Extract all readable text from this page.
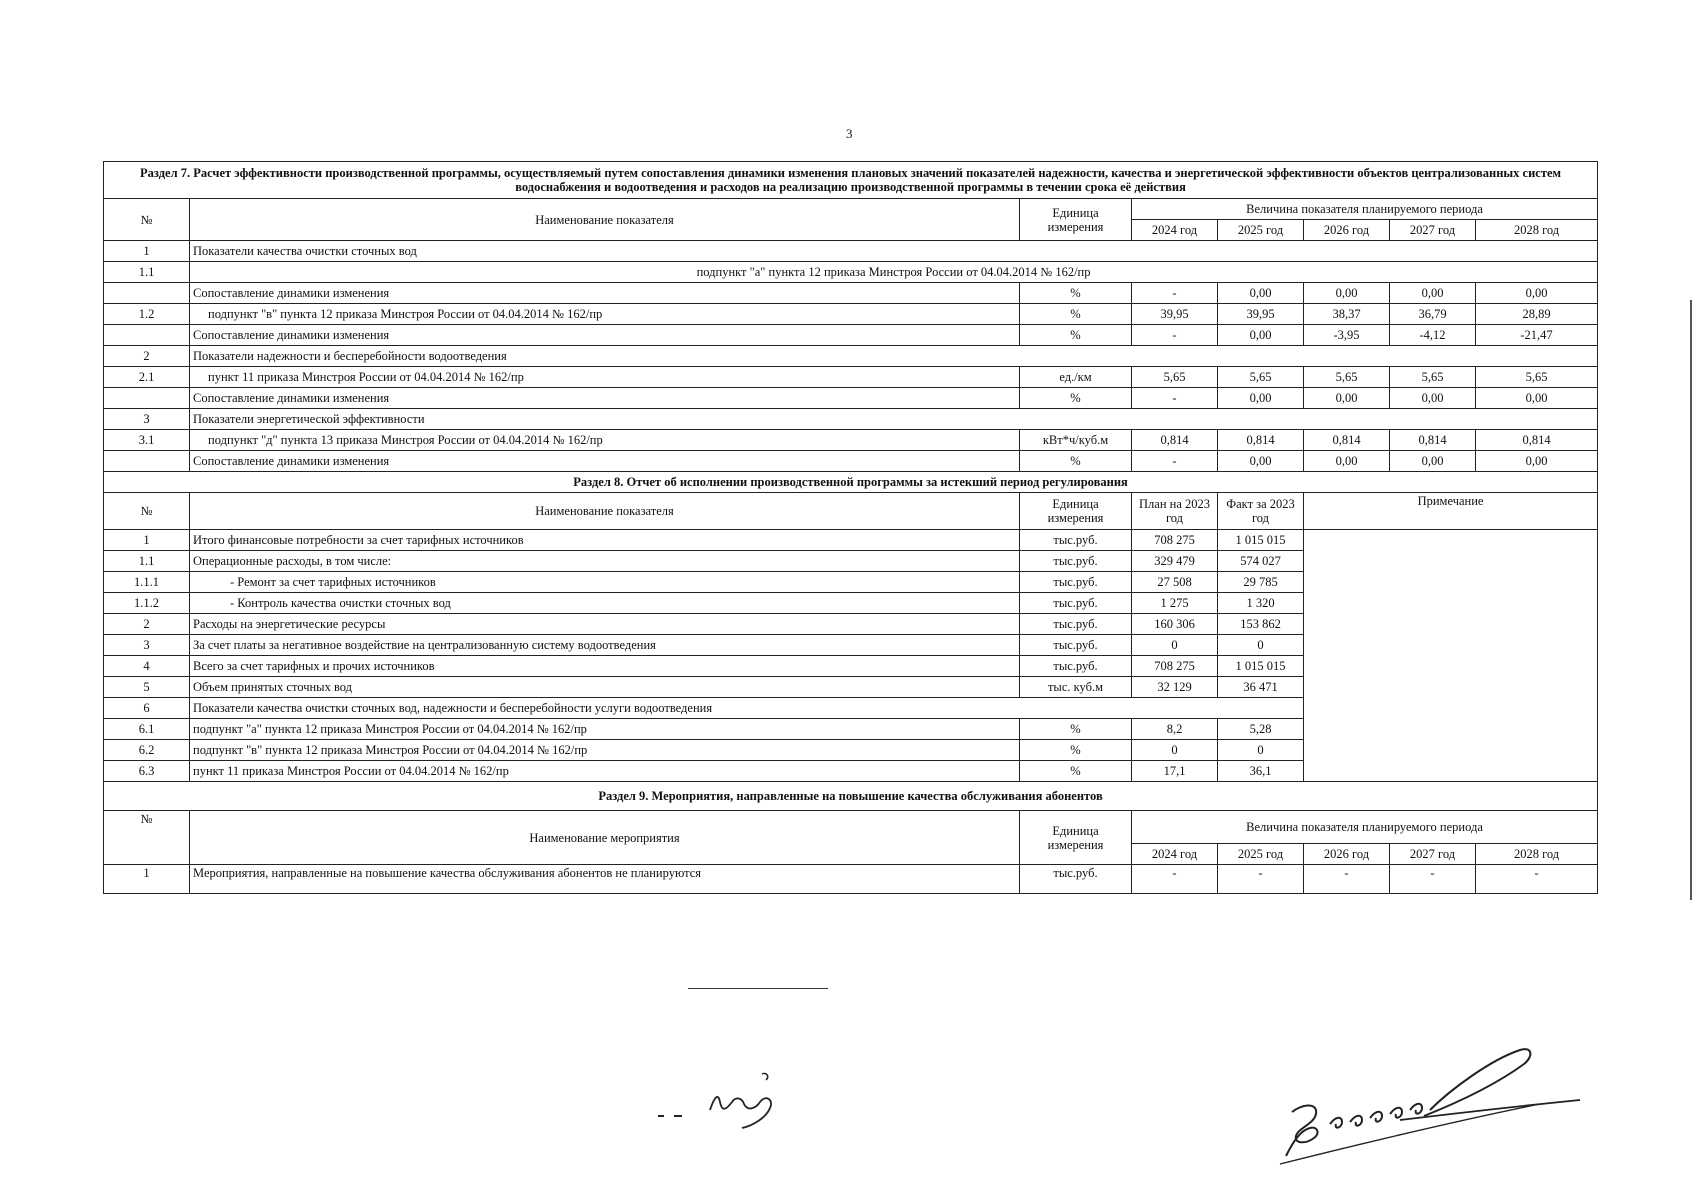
3
Раздел 7. Расчет эффективности производственной программы, осуществляемый путем сопоставления динамики изменения плановых значений показателей надежности, качества и энергетической эффективности объектов централизованных систем водоснабжения и водоотведения и расходов на реализацию производственной программы в течении срока её действия							
№	Наименование показателя	Единица измерения	Величина показателя планируемого периода				
			2024 год	2025 год	2026 год	2027 год	2028 год
1	Показатели качества очистки сточных вод						
1.1	подпункт "а" пункта 12 приказа Минстроя России от 04.04.2014 № 162/пр						
	Сопоставление динамики изменения	%	-	0,00	0,00	0,00	0,00
1.2	подпункт "в" пункта 12 приказа Минстроя России от 04.04.2014 № 162/пр	%	39,95	39,95	38,37	36,79	28,89
	Сопоставление динамики изменения	%	-	0,00	-3,95	-4,12	-21,47
2	Показатели надежности и бесперебойности водоотведения						
2.1	пункт 11 приказа Минстроя России от 04.04.2014 № 162/пр	ед./км	5,65	5,65	5,65	5,65	5,65
	Сопоставление динамики изменения	%	-	0,00	0,00	0,00	0,00
3	Показатели энергетической эффективности						
3.1	подпункт "д" пункта 13 приказа Минстроя России от 04.04.2014 № 162/пр	кВт*ч/куб.м	0,814	0,814	0,814	0,814	0,814
	Сопоставление динамики изменения	%	-	0,00	0,00	0,00	0,00
Раздел 8. Отчет об исполнении производственной программы за истекший период регулирования							
№	Наименование показателя	Единица измерения	План на 2023 год	Факт за 2023 год	Примечание		
1	Итого финансовые потребности за счет тарифных источников	тыс.руб.	708 275	1 015 015			
1.1	Операционные расходы, в том числе:	тыс.руб.	329 479	574 027			
1.1.1	- Ремонт за счет тарифных источников	тыс.руб.	27 508	29 785			
1.1.2	- Контроль качества очистки сточных вод	тыс.руб.	1 275	1 320			
2	Расходы на энергетические ресурсы	тыс.руб.	160 306	153 862			
3	За счет платы за негативное воздействие на централизованную систему водоотведения	тыс.руб.	0	0			
4	Всего за счет тарифных и прочих источников	тыс.руб.	708 275	1 015 015			
5	Объем принятых сточных вод	тыс. куб.м	32 129	36 471			
6	Показатели качества очистки сточных вод, надежности и бесперебойности услуги водоотведения						
6.1	подпункт "а" пункта 12 приказа Минстроя России от 04.04.2014 № 162/пр	%	8,2	5,28			
6.2	подпункт "в" пункта 12 приказа Минстроя России от 04.04.2014 № 162/пр	%	0	0			
6.3	пункт 11 приказа Минстроя России от 04.04.2014 № 162/пр	%	17,1	36,1			
Раздел 9. Мероприятия, направленные на повышение качества обслуживания абонентов							
№	Наименование мероприятия	Единица измерения	Величина показателя планируемого периода				
			2024 год	2025 год	2026 год	2027 год	2028 год
1	Мероприятия, направленные на повышение качества обслуживания абонентов не планируются	тыс.руб.	-	-	-	-	-
